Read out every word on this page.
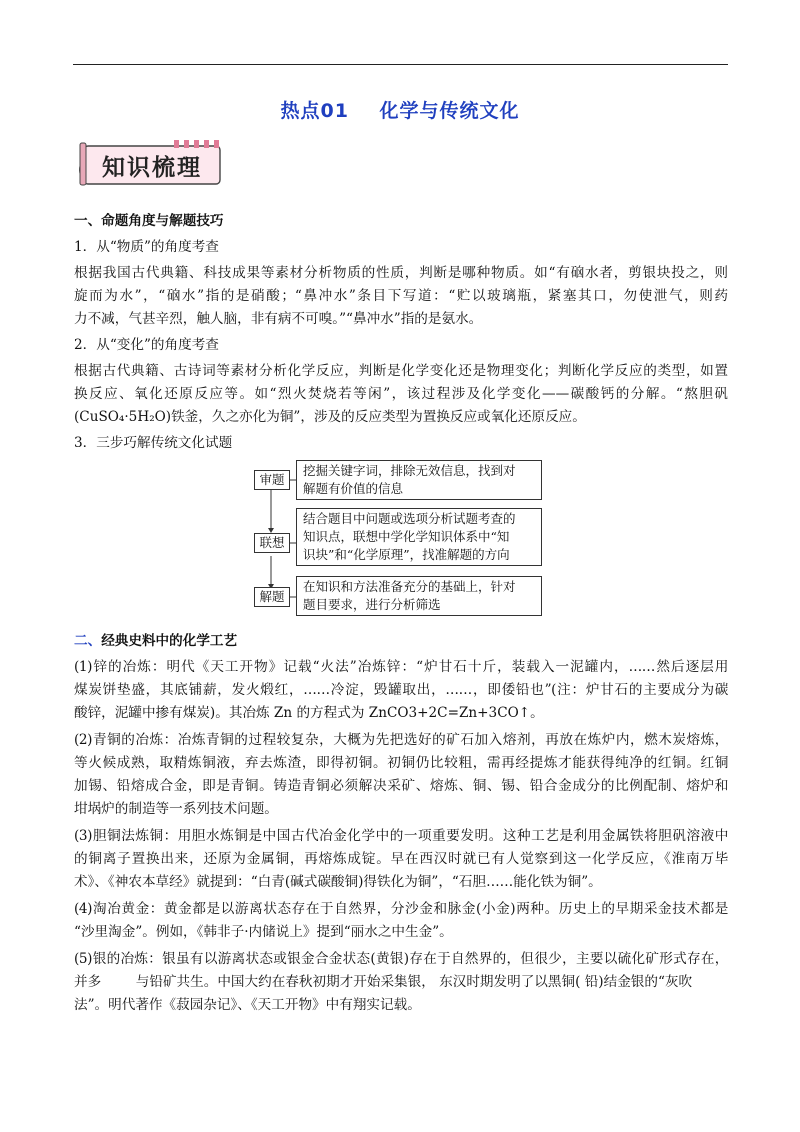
热点01    化学与传统文化
知识梳理
一、命题角度与解题技巧
1．从“物质”的角度考查
根据我国古代典籍、科技成果等素材分析物质的性质，判断是哪种物质。如“有硇水者，剪银块投之，则
旋而为水”，“硇水”指的是硝酸；“鼻冲水”条目下写道：“贮以玻璃瓶，紧塞其口，勿使泄气，则药
力不减，气甚辛烈，触人脑，非有病不可嗅。”“鼻冲水”指的是氨水。
2．从“变化”的角度考查
根据古代典籍、古诗词等素材分析化学反应，判断是化学变化还是物理变化；判断化学反应的类型，如置
换反应、氧化还原反应等。如“烈火焚烧若等闲”，该过程涉及化学变化——碳酸钙的分解。“熬胆矾
(CuSO₄·5H₂O)铁釜，久之亦化为铜”，涉及的反应类型为置换反应或氧化还原反应。
3．三步巧解传统文化试题
审题
挖掘关键字词，排除无效信息，找到对
解题有价值的信息
联想
结合题目中问题或选项分析试题考查的
知识点，联想中学化学知识体系中“知
识块”和“化学原理”，找准解题的方向
解题
在知识和方法准备充分的基础上，针对
题目要求，进行分析筛选
二、经典史料中的化学工艺
(1)锌的冶炼：明代《天工开物》记载“火法”冶炼锌：“炉甘石十斤，装载入一泥罐内，……然后逐层用
煤炭饼垫盛，其底铺薪，发火煅红，……冷淀，毁罐取出，……，即倭铅也”(注：炉甘石的主要成分为碳
酸锌，泥罐中掺有煤炭)。其冶炼 Zn 的方程式为 ZnCO3+2C=Zn+3CO↑。
(2)青铜的冶炼：冶炼青铜的过程较复杂，大概为先把选好的矿石加入熔剂，再放在炼炉内，燃木炭熔炼，
等火候成熟，取精炼铜液，弃去炼渣，即得初铜。初铜仍比较粗，需再经提炼才能获得纯净的红铜。红铜
加锡、铅熔成合金，即是青铜。铸造青铜必须解决采矿、熔炼、铜、锡、铅合金成分的比例配制、熔炉和
坩埚炉的制造等一系列技术问题。
(3)胆铜法炼铜：用胆水炼铜是中国古代冶金化学中的一项重要发明。这种工艺是利用金属铁将胆矾溶液中
的铜离子置换出来，还原为金属铜，再熔炼成锭。早在西汉时就已有人觉察到这一化学反应，《淮南万毕
术》、《神农本草经》就提到：“白青(碱式碳酸铜)得铁化为铜”，“石胆……能化铁为铜”。
(4)淘冶黄金：黄金都是以游离状态存在于自然界，分沙金和脉金(小金)两种。历史上的早期采金技术都是
“沙里淘金”。例如，《韩非子·内储说上》提到“丽水之中生金”。
(5)银的冶炼：银虽有以游离状态或银金合金状态(黄银)存在于自然界的，但很少，主要以硫化矿形式存在，
并多        与铅矿共生。中国大约在春秋初期才开始采集银， 东汉时期发明了以黑铜( 铅)结金银的“灰吹
法”。明代著作《菽园杂记》、《天工开物》中有翔实记载。
